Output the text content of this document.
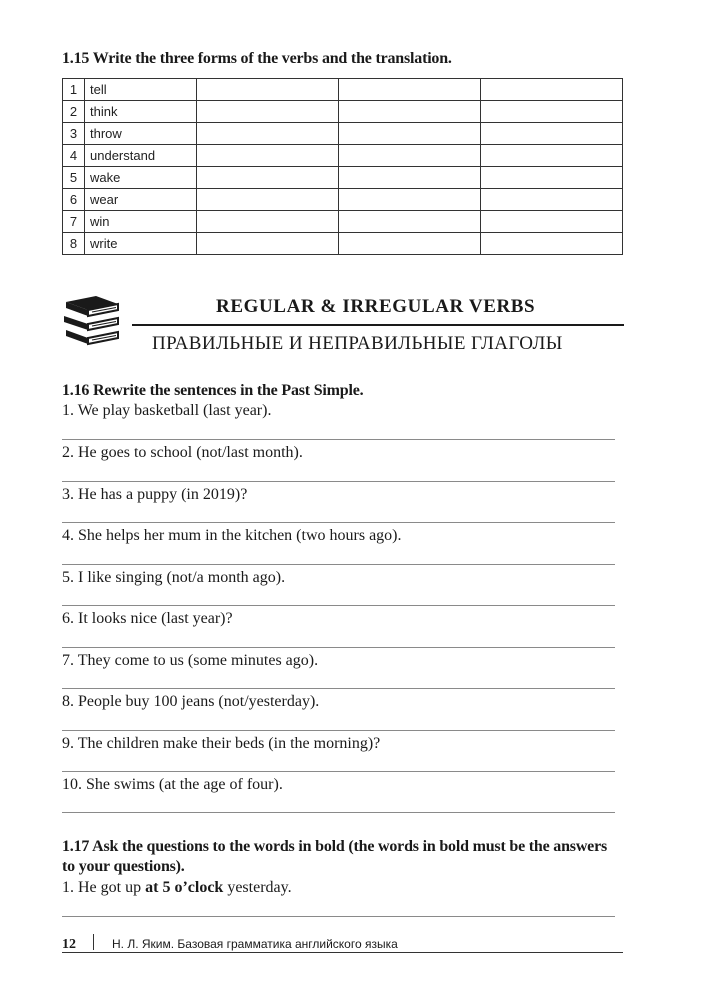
1.15 Write the three forms of the verbs and the translation.
1	tell			
2	think			
3	throw			
4	understand			
5	wake			
6	wear			
7	win			
8	write			
REGULAR & IRREGULAR VERBS
ПРАВИЛЬНЫЕ И НЕПРАВИЛЬНЫЕ ГЛАГОЛЫ
1.16 Rewrite the sentences in the Past Simple.
1. We play basketball (last year).
2. He goes to school (not/last month).
3. He has a puppy (in 2019)?
4. She helps her mum in the kitchen (two hours ago).
5. I like singing (not/a month ago).
6. It looks nice (last year)?
7. They come to us (some minutes ago).
8. People buy 100 jeans (not/yesterday).
9. The children make their beds (in the morning)?
10. She swims (at the age of four).
1.17 Ask the questions to the words in bold (the words in bold must be the answers
to your questions).
1. He got up at 5 o’clock yesterday.
12	Н. Л. Яким. Базовая грамматика английского языка
